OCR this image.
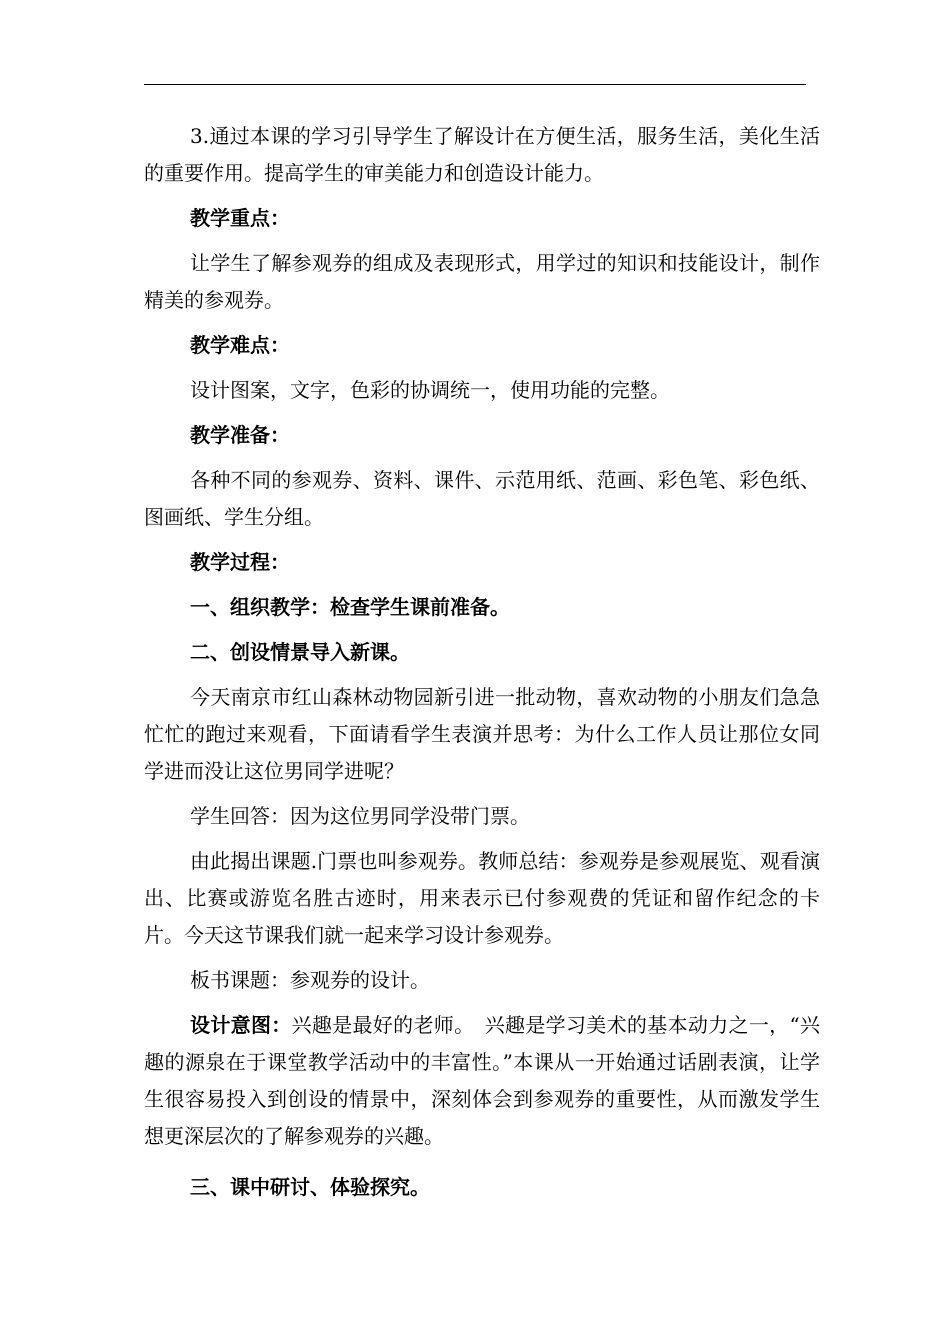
3.通过本课的学习引导学生了解设计在方便生活，服务生活，美化生活的重要作用。提高学生的审美能力和创造设计能力。

教学重点：

让学生了解参观券的组成及表现形式，用学过的知识和技能设计，制作精美的参观券。

教学难点：

设计图案，文字，色彩的协调统一，使用功能的完整。

教学准备：

各种不同的参观券、资料、课件、示范用纸、范画、彩色笔、彩色纸、图画纸、学生分组。

教学过程：

一、组织教学：检查学生课前准备。

二、创设情景导入新课。

今天南京市红山森林动物园新引进一批动物，喜欢动物的小朋友们急急忙忙的跑过来观看，下面请看学生表演并思考：为什么工作人员让那位女同学进而没让这位男同学进呢？

学生回答：因为这位男同学没带门票。

由此揭出课题.门票也叫参观券。教师总结：参观券是参观展览、观看演出、比赛或游览名胜古迹时，用来表示已付参观费的凭证和留作纪念的卡片。今天这节课我们就一起来学习设计参观券。

板书课题：参观券的设计。

设计意图：兴趣是最好的老师。　兴趣是学习美术的基本动力之一，“兴趣的源泉在于课堂教学活动中的丰富性。”本课从一开始通过话剧表演，让学生很容易投入到创设的情景中，深刻体会到参观券的重要性，从而激发学生想更深层次的了解参观券的兴趣。

三、课中研讨、体验探究。
